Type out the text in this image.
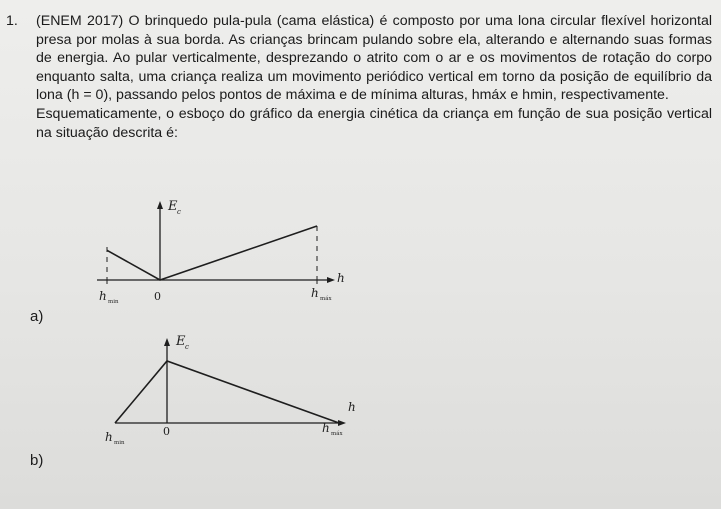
1.	(ENEM 2017) O brinquedo pula-pula (cama elástica) é composto por uma lona circular flexível horizontal presa por molas à sua borda. As crianças brincam pulando sobre ela, alterando e alternando suas formas de energia. Ao pular verticalmente, desprezando o atrito com o ar e os movimentos de rotação do corpo enquanto salta, uma criança realiza um movimento periódico vertical em torno da posição de equilíbrio da lona (h = 0), passando pelos pontos de máxima e de mínima alturas, hmáx e hmin, respectivamente.

Esquematicamente, o esboço do gráfico da energia cinética da criança em função de sua posição vertical na situação descrita é:

E c
h
h min	0	h máx
a)
E c
h
h min
0	h máx
b)
